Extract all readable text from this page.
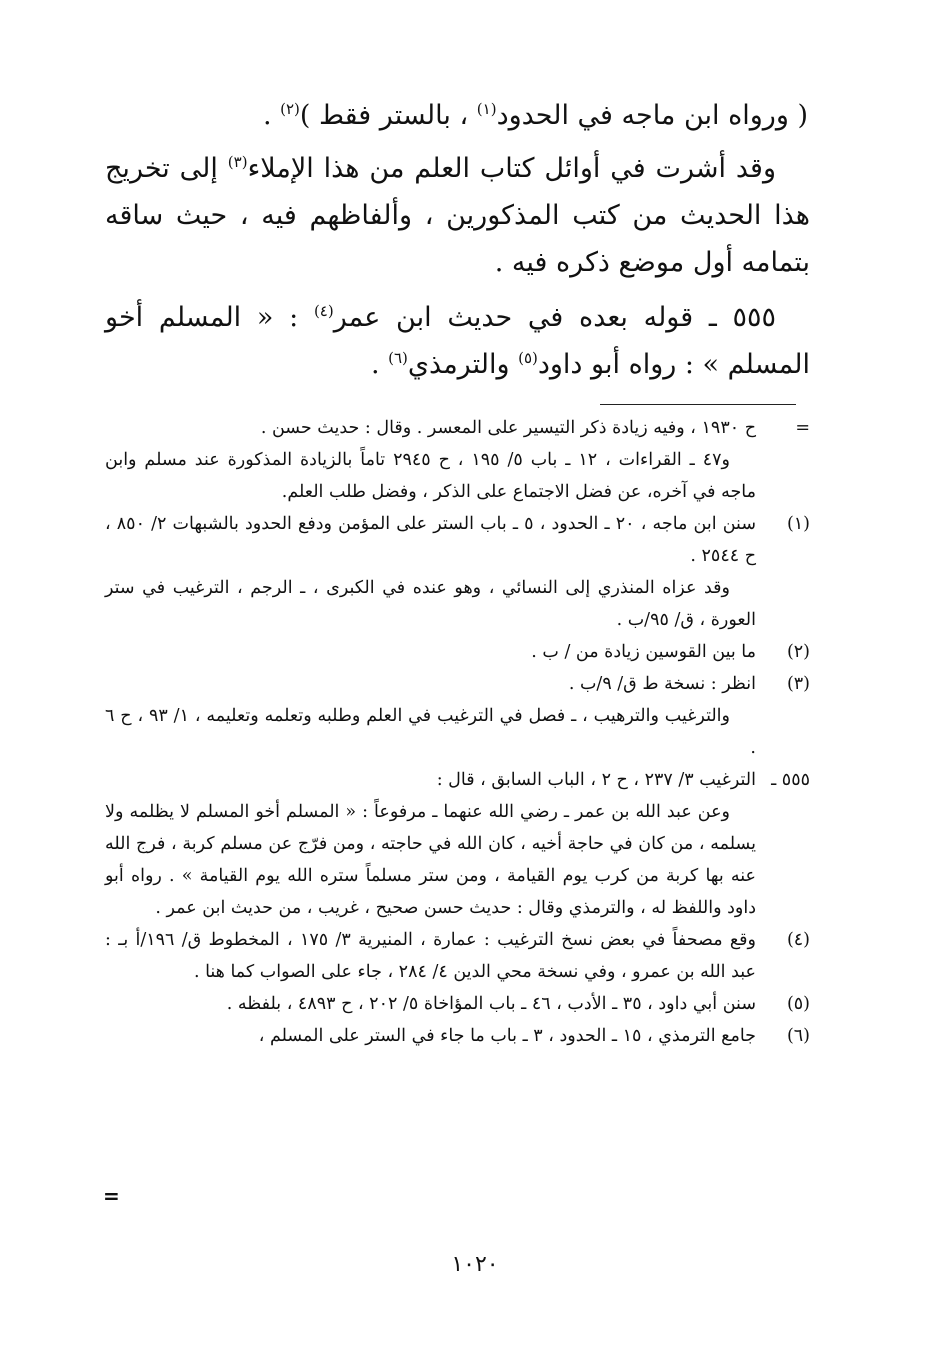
( ورواه ابن ماجه في الحدود$^{(١)}$ ، بالستر فقط )$^{(٢)}$ .

وقد أشرت في أوائل كتاب العلم من هذا الإملاء$^{(٣)}$ إلى تخريج هذا الحديث من كتب المذكورين ، وألفاظهم فيه ، حيث ساقه بتمامه أول موضع ذكره فيه .

٥٥٥ ـ قوله بعده في حديث ابن عمر$^{(٤)}$ : « المسلم أخو المسلم » : رواه أبو داود$^{(٥)}$ والترمذي$^{(٦)}$ .

=
ح ١٩٣٠ ، وفيه زيادة ذكر التيسير على المعسر . وقال : حديث حسن .
و٤٧ ـ القراءات ، ١٢ ـ باب ٥/ ١٩٥ ، ح ٢٩٤٥ تاماً بالزيادة المذكورة عند مسلم وابن ماجه في آخره، عن فضل الاجتماع على الذكر ، وفضل طلب العلم.
(١)
سنن ابن ماجه ، ٢٠ ـ الحدود ، ٥ ـ باب الستر على المؤمن ودفع الحدود بالشبهات ٢/ ٨٥٠ ، ح ٢٥٤٤ .
وقد عزاه المنذري إلى النسائي ، وهو عنده في الكبرى ، ـ الرجم ، الترغيب في ستر العورة ، ق/ ٩٥/ب .
(٢)
ما بين القوسين زيادة من / ب .
(٣)
انظر : نسخة ط ق/ ٩/ب .
والترغيب والترهيب ، ـ فصل في الترغيب في العلم وطلبه وتعلمه وتعليمه ، ١/ ٩٣ ، ح ٦ .
٥٥٥ ـ
الترغيب ٣/ ٢٣٧ ، ح ٢ ، الباب السابق ، قال :
وعن عبد الله بن عمر ـ رضي الله عنهما ـ مرفوعاً : « المسلم أخو المسلم لا يظلمه ولا يسلمه ، من كان في حاجة أخيه ، كان الله في حاجته ، ومن فرّج عن مسلم كربة ، فرج الله عنه بها كربة من كرب يوم القيامة ، ومن ستر مسلماً ستره الله يوم القيامة » . رواه أبو داود واللفظ له ، والترمذي وقال : حديث حسن صحيح ، غريب ، من حديث ابن عمر .
(٤)
وقع مصحفاً في بعض نسخ الترغيب : عمارة ، المنيرية ٣/ ١٧٥ ، المخطوط ق/ ١٩٦/أ بـ : عبد الله بن عمرو ، وفي نسخة محي الدين ٤/ ٢٨٤ ، جاء على الصواب كما هنا .
(٥)
سنن أبي داود ، ٣٥ ـ الأدب ، ٤٦ ـ باب المؤاخاة ٥/ ٢٠٢ ، ح ٤٨٩٣ ، بلفظه .
(٦)
جامع الترمذي ، ١٥ ـ الحدود ، ٣ ـ باب ما جاء في الستر على المسلم ،
=
١٠٢٠
